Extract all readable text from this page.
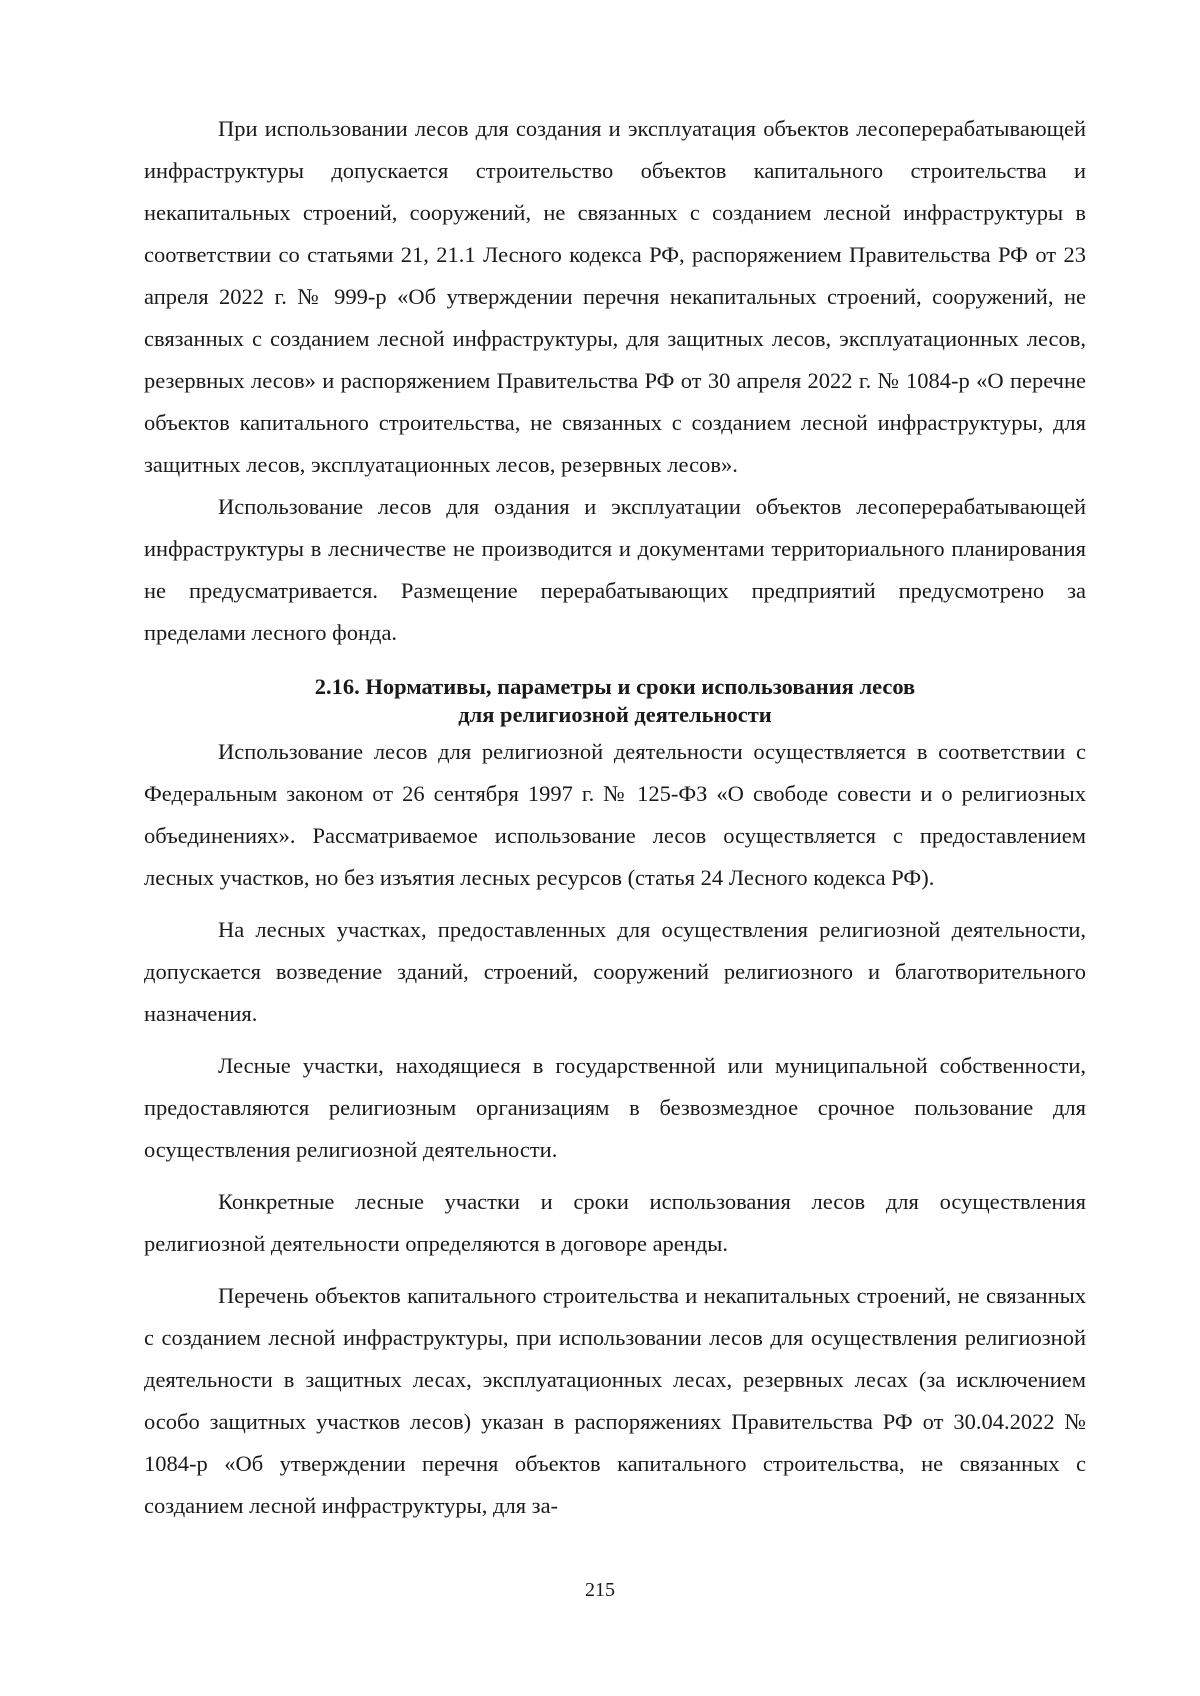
При использовании лесов для создания и эксплуатация объектов лесоперерабатывающей инфраструктуры допускается строительство объектов капитального строительства и некапитальных строений, сооружений, не связанных с созданием лесной инфраструктуры в соответствии со статьями 21, 21.1 Лесного кодекса РФ, распоряжением Правительства РФ от 23 апреля 2022 г. № 999-р «Об утверждении перечня некапитальных строений, сооружений, не связанных с созданием лесной инфраструктуры, для защитных лесов, эксплуатационных лесов, резервных лесов» и распоряжением Правительства РФ от 30 апреля 2022 г. № 1084-р «О перечне объектов капитального строительства, не связанных с созданием лесной инфраструктуры, для защитных лесов, эксплуатационных лесов, резервных лесов».

Использование лесов для оздания и эксплуатации объектов лесоперерабатывающей инфраструктуры в лесничестве не производится и документами территориального планирования не предусматривается. Размещение перерабатывающих предприятий предусмотрено за пределами лесного фонда.

2.16. Нормативы, параметры и сроки использования лесов
для религиозной деятельности

Использование лесов для религиозной деятельности осуществляется в соответствии с Федеральным законом от 26 сентября 1997 г. № 125-ФЗ «О свободе совести и о религиозных объединениях». Рассматриваемое использование лесов осуществляется с предоставлением лесных участков, но без изъятия лесных ресурсов (статья 24 Лесного кодекса РФ).

На лесных участках, предоставленных для осуществления религиозной деятельности, допускается возведение зданий, строений, сооружений религиозного и благотворительного назначения.

Лесные участки, находящиеся в государственной или муниципальной собственности, предоставляются религиозным организациям в безвозмездное срочное пользование для осуществления религиозной деятельности.

Конкретные лесные участки и сроки использования лесов для осуществления религиозной деятельности определяются в договоре аренды.

Перечень объектов капитального строительства и некапитальных строений, не связанных с созданием лесной инфраструктуры, при использовании лесов для осуществления религиозной деятельности в защитных лесах, эксплуатационных лесах, резервных лесах (за исключением особо защитных участков лесов) указан в распоряжениях Правительства РФ от 30.04.2022 № 1084-р «Об утверждении перечня объектов капитального строительства, не связанных с созданием лесной инфраструктуры, для за-

215
